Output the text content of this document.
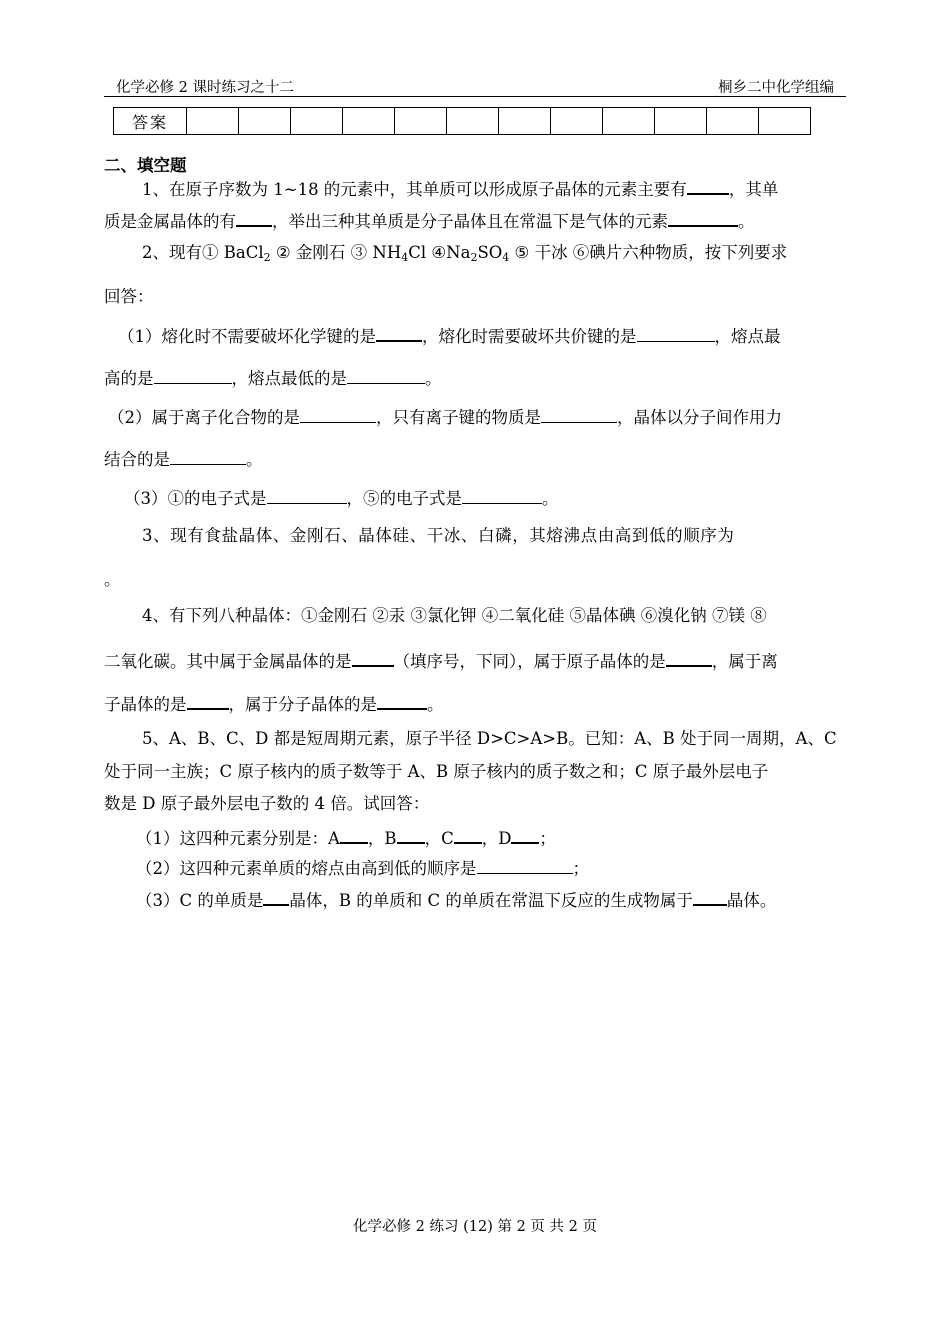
化学必修 2 课时练习之十二	桐乡二中化学组编
答案												
二、填空题
1、在原子序数为 1~18 的元素中，其单质可以形成原子晶体的元素主要有	，其单
质是金属晶体的有 ，举出三种其单质是分子晶体且在常温下是气体的元素	。
2、现有① BaCl$_2$ ② 金刚石 ③ $NH_4Cl$ $④Na_2SO_4$ ⑤ 干冰 ⑥碘片六种物质，按下列要求
回答：
（1）熔化时不需要破坏化学键的是	，熔化时需要破坏共价键的是	，熔点最
高的是	，熔点最低的是	。
（2）属于离子化合物的是	，只有离子键的物质是	，晶体以分子间作用力
结合的是	。
（3）①的电子式是	，⑤的电子式是	。
3、现有食盐晶体、金刚石、晶体硅、干冰、白磷，其熔沸点由高到低的顺序为
。
4、有下列八种晶体：①金刚石 ②汞 ③氯化钾 ④二氧化硅 ⑤晶体碘 ⑥溴化钠 ⑦镁 ⑧
二氧化碳。其中属于金属晶体的是	（填序号，下同），属于原子晶体的是	，属于离
子晶体的是	，属于分子晶体的是	。
5、A、B、C、D 都是短周期元素，原子半径 D>C>A>B。已知：A、B 处于同一周期，A、C
处于同一主族；C 原子核内的质子数等于 A、B 原子核内的质子数之和；C 原子最外层电子
数是 D 原子最外层电子数的 4 倍。试回答：
（1）这四种元素分别是：A ，B ，C ，D ；
（2）这四种元素单质的熔点由高到低的顺序是	；
（3）C 的单质是 晶体，B 的单质和 C 的单质在常温下反应的生成物属于 晶体。
化学必修 2 练习 (12) 第 2 页 共 2 页
